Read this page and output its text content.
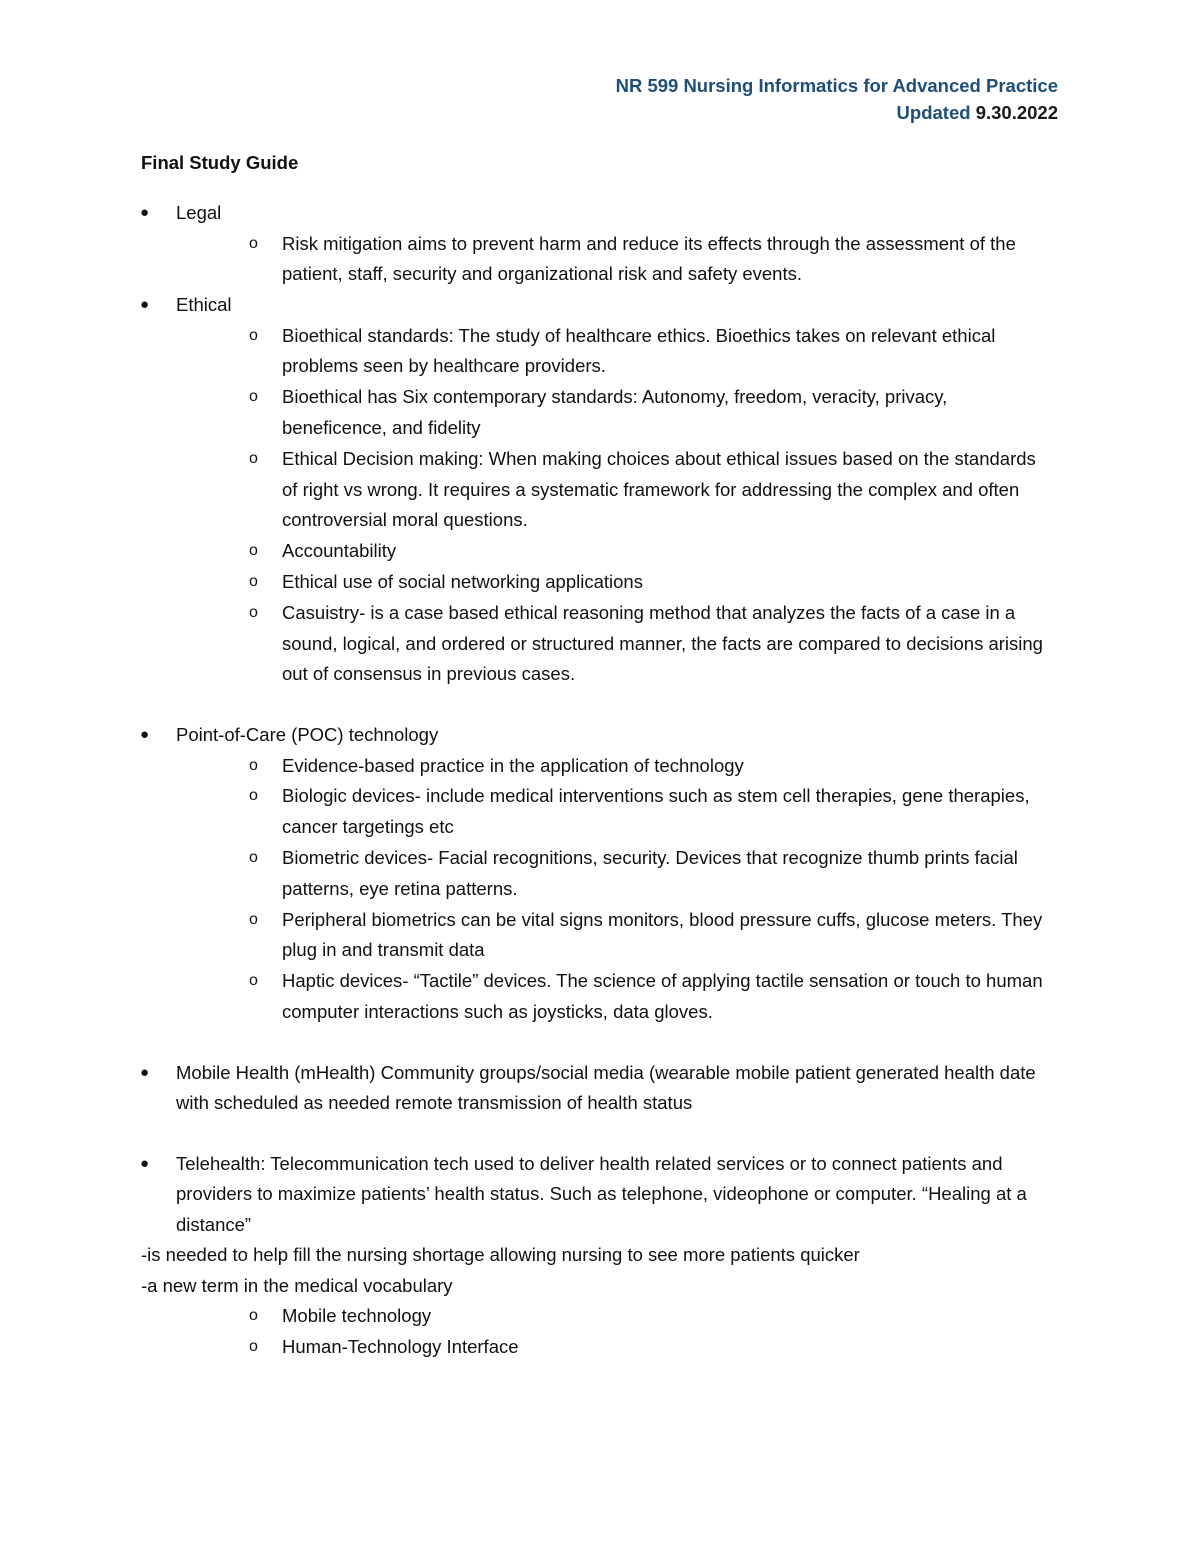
NR 599 Nursing Informatics for Advanced Practice
Updated 9.30.2022
Final Study Guide
● Legal
o Risk mitigation aims to prevent harm and reduce its effects through the assessment of the patient, staff, security and organizational risk and safety events.
● Ethical
o Bioethical standards: The study of healthcare ethics. Bioethics takes on relevant ethical problems seen by healthcare providers.
o Bioethical has Six contemporary standards: Autonomy, freedom, veracity, privacy, beneficence, and fidelity
o Ethical Decision making: When making choices about ethical issues based on the standards of right vs wrong. It requires a systematic framework for addressing the complex and often controversial moral questions.
o Accountability
o Ethical use of social networking applications
o Casuistry- is a case based ethical reasoning method that analyzes the facts of a case in a sound, logical, and ordered or structured manner, the facts are compared to decisions arising out of consensus in previous cases.
● Point-of-Care (POC) technology
o Evidence-based practice in the application of technology
o Biologic devices- include medical interventions such as stem cell therapies, gene therapies, cancer targetings etc
o Biometric devices- Facial recognitions, security. Devices that recognize thumb prints facial patterns, eye retina patterns.
o Peripheral biometrics can be vital signs monitors, blood pressure cuffs, glucose meters. They plug in and transmit data
o Haptic devices- “Tactile” devices. The science of applying tactile sensation or touch to human computer interactions such as joysticks, data gloves.
● Mobile Health (mHealth) Community groups/social media (wearable mobile patient generated health date with scheduled as needed remote transmission of health status
● Telehealth: Telecommunication tech used to deliver health related services or to connect patients and providers to maximize patients’ health status. Such as telephone, videophone or computer. “Healing at a distance”
-is needed to help fill the nursing shortage allowing nursing to see more patients quicker
-a new term in the medical vocabulary
o Mobile technology
o Human-Technology Interface
